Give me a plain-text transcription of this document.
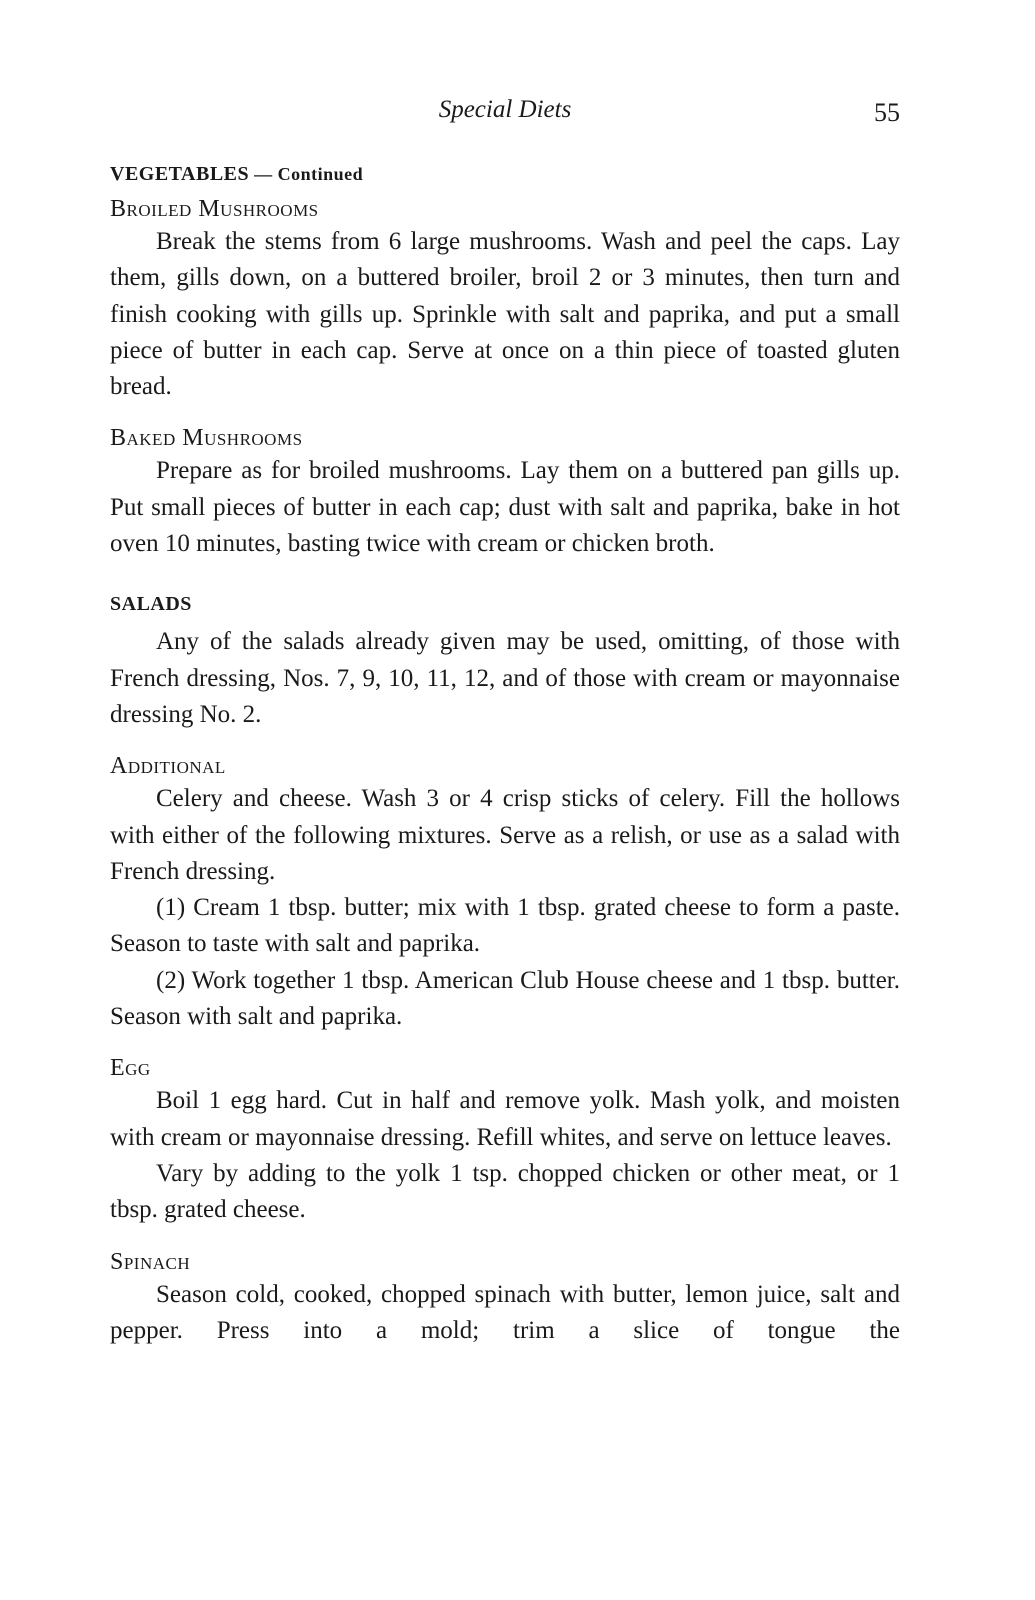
Special Diets	55
VEGETABLES — Continued
Broiled Mushrooms

Break the stems from 6 large mushrooms. Wash and peel the caps. Lay them, gills down, on a buttered broiler, broil 2 or 3 minutes, then turn and finish cooking with gills up. Sprinkle with salt and paprika, and put a small piece of butter in each cap. Serve at once on a thin piece of toasted gluten bread.

Baked Mushrooms

Prepare as for broiled mushrooms. Lay them on a buttered pan gills up. Put small pieces of butter in each cap; dust with salt and paprika, bake in hot oven 10 minutes, basting twice with cream or chicken broth.

SALADS

Any of the salads already given may be used, omitting, of those with French dressing, Nos. 7, 9, 10, 11, 12, and of those with cream or mayonnaise dressing No. 2.

Additional

Celery and cheese. Wash 3 or 4 crisp sticks of celery. Fill the hollows with either of the following mixtures. Serve as a relish, or use as a salad with French dressing.

(1) Cream 1 tbsp. butter; mix with 1 tbsp. grated cheese to form a paste. Season to taste with salt and paprika.

(2) Work together 1 tbsp. American Club House cheese and 1 tbsp. butter. Season with salt and paprika.

Egg

Boil 1 egg hard. Cut in half and remove yolk. Mash yolk, and moisten with cream or mayonnaise dressing. Refill whites, and serve on lettuce leaves.

Vary by adding to the yolk 1 tsp. chopped chicken or other meat, or 1 tbsp. grated cheese.

Spinach

Season cold, cooked, chopped spinach with butter, lemon juice, salt and pepper. Press into a mold; trim a slice of tongue the
